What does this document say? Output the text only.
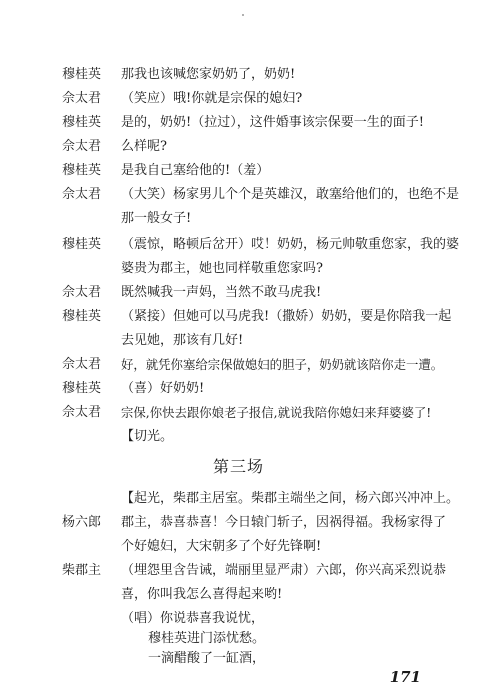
穆桂英	那我也该喊您家奶奶了，奶奶!
佘太君	（笑应）哦!你就是宗保的媳妇?
穆桂英	是的，奶奶!（拉过），这件婚事该宗保要一生的面子!
佘太君	么样呢?
穆桂英	是我自己塞给他的!（羞）
佘太君	（大笑）杨家男儿个个是英雄汉，敢塞给他们的，也绝不是
那一般女子!
穆桂英	（震惊，略顿后岔开）哎！奶奶，杨元帅敬重您家，我的婆
婆贵为郡主，她也同样敬重您家吗?
佘太君	既然喊我一声妈，当然不敢马虎我!
穆桂英	（紧接）但她可以马虎我!（撒娇）奶奶，要是你陪我一起
去见她，那该有几好!
佘太君	好，就凭你塞给宗保做媳妇的胆子，奶奶就该陪你走一遭。
穆桂英	（喜）好奶奶!
佘太君	宗保,你快去跟你娘老子报信,就说我陪你媳妇来拜婆婆了!
【切光。
第三场
【起光，柴郡主居室。柴郡主端坐之间，杨六郎兴冲冲上。
杨六郎	郡主，恭喜恭喜！今日辕门斩子，因祸得福。我杨家得了
个好媳妇，大宋朝多了个好先锋啊!
柴郡主	（埋怨里含告诫，端丽里显严肃）六郎，你兴高采烈说恭
喜，你叫我怎么喜得起来哟!
（唱）你说恭喜我说忧，
穆桂英进门添忧愁。
一滴醋酸了一缸酒，
171
